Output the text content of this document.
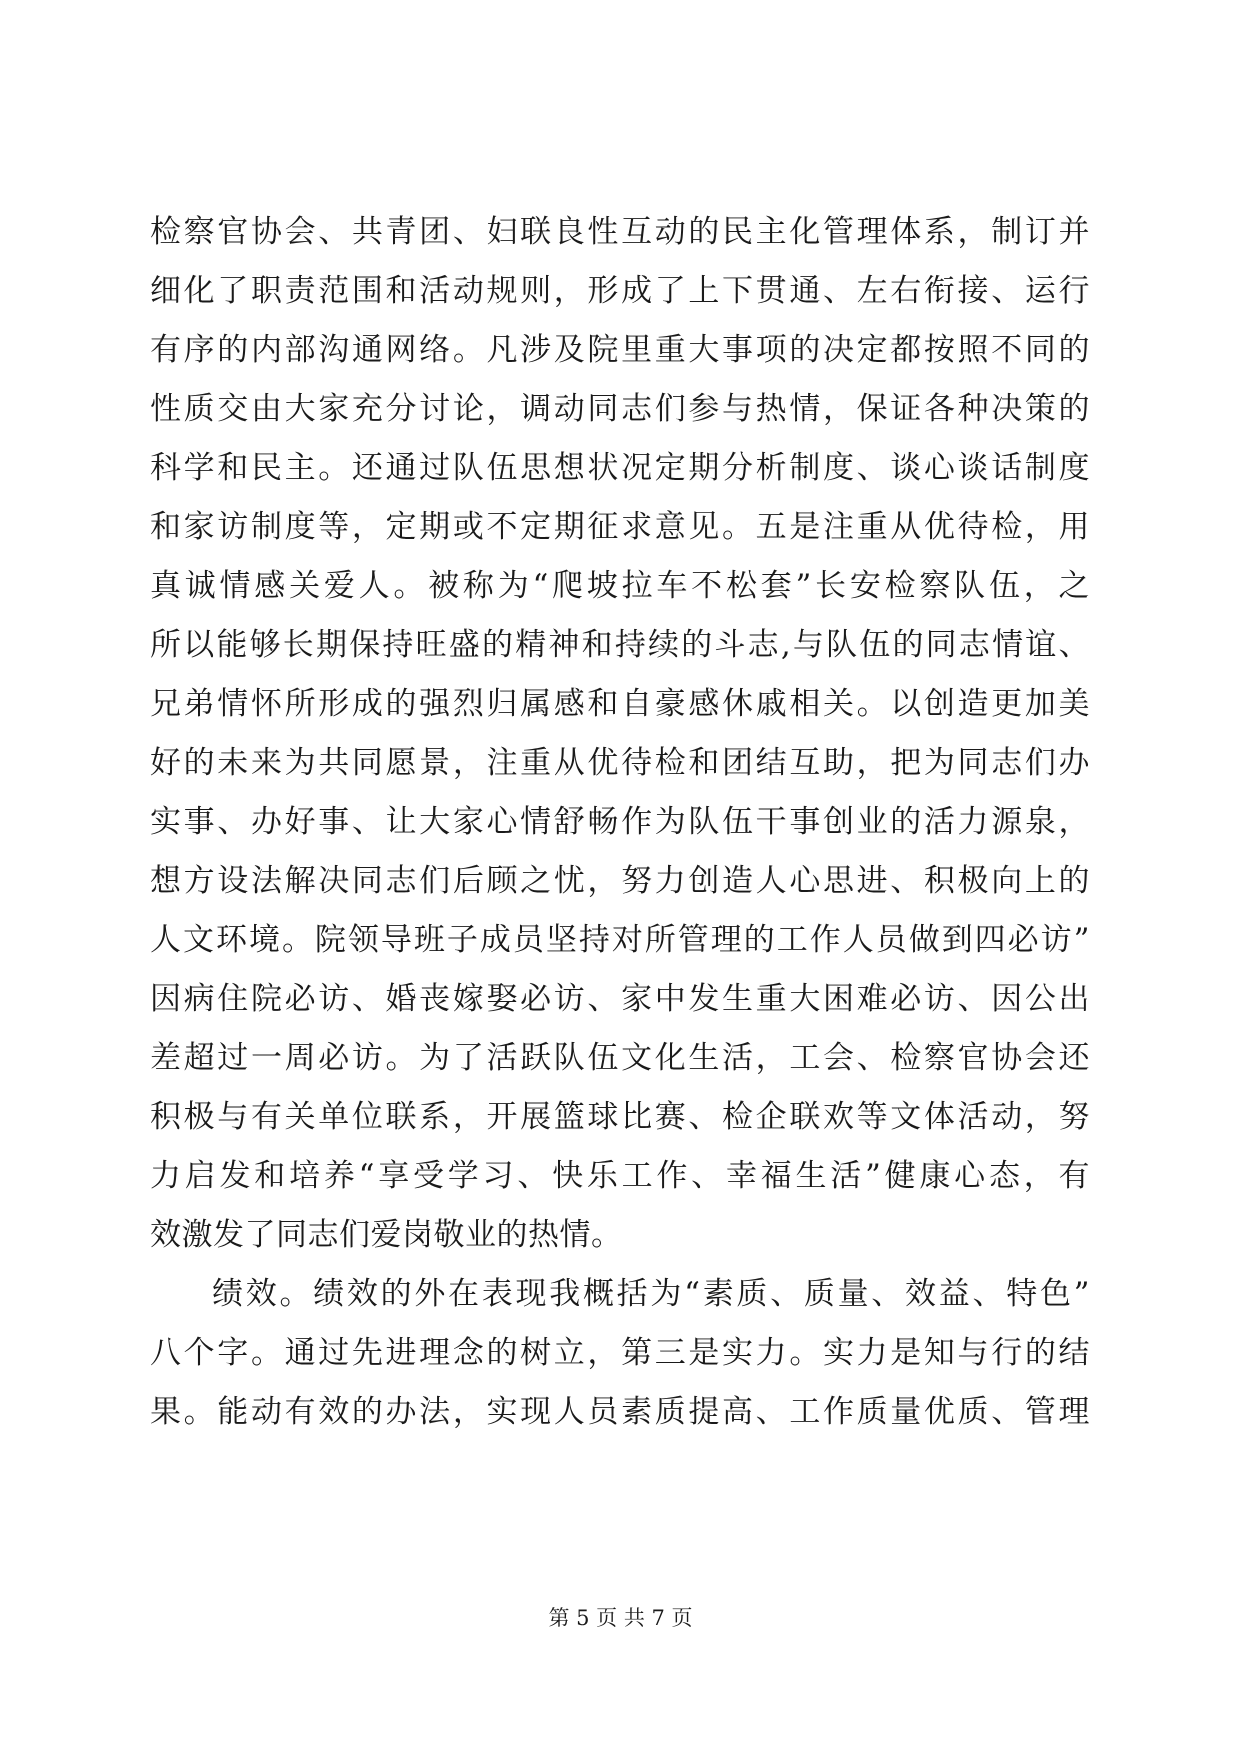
检察官协会、共青团、妇联良性互动的民主化管理体系，制订并
细化了职责范围和活动规则，形成了上下贯通、左右衔接、运行
有序的内部沟通网络。凡涉及院里重大事项的决定都按照不同的
性质交由大家充分讨论，调动同志们参与热情，保证各种决策的
科学和民主。还通过队伍思想状况定期分析制度、谈心谈话制度
和家访制度等，定期或不定期征求意见。五是注重从优待检，用
真诚情感关爱人。被称为“爬坡拉车不松套”长安检察队伍，之
所以能够长期保持旺盛的精神和持续的斗志,与队伍的同志情谊、
兄弟情怀所形成的强烈归属感和自豪感休戚相关。以创造更加美
好的未来为共同愿景，注重从优待检和团结互助，把为同志们办
实事、办好事、让大家心情舒畅作为队伍干事创业的活力源泉，
想方设法解决同志们后顾之忧，努力创造人心思进、积极向上的
人文环境。院领导班子成员坚持对所管理的工作人员做到四必访”
因病住院必访、婚丧嫁娶必访、家中发生重大困难必访、因公出
差超过一周必访。为了活跃队伍文化生活，工会、检察官协会还
积极与有关单位联系，开展篮球比赛、检企联欢等文体活动，努
力启发和培养“享受学习、快乐工作、幸福生活”健康心态，有
效激发了同志们爱岗敬业的热情。
绩效。绩效的外在表现我概括为“素质、质量、效益、特色”
八个字。通过先进理念的树立，第三是实力。实力是知与行的结
果。能动有效的办法，实现人员素质提高、工作质量优质、管理
第 5 页 共 7 页
